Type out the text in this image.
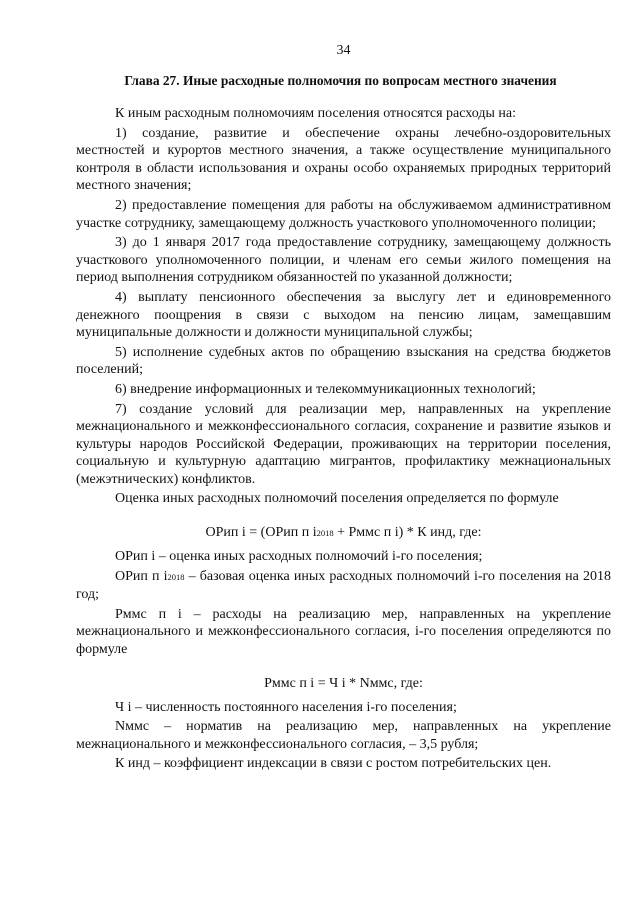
34
Глава 27. Иные расходные полномочия по вопросам местного значения

К иным расходным полномочиям поселения относятся расходы на:

1) создание, развитие и обеспечение охраны лечебно-оздоровительных местностей и курортов местного значения, а также осуществление муниципального контроля в области использования и охраны особо охраняемых природных территорий местного значения;

2) предоставление помещения для работы на обслуживаемом административном участке сотруднику, замещающему должность участкового уполномоченного полиции;

3) до 1 января 2017 года предоставление сотруднику, замещающему должность участкового уполномоченного полиции, и членам его семьи жилого помещения на период выполнения сотрудником обязанностей по указанной должности;

4) выплату пенсионного обеспечения за выслугу лет и единовременного денежного поощрения в связи с выходом на пенсию лицам, замещавшим муниципальные должности и должности муниципальной службы;

5) исполнение судебных актов по обращению взыскания на средства бюджетов поселений;

6) внедрение информационных и телекоммуникационных технологий;

7) создание условий для реализации мер, направленных на укрепление межнационального и межконфессионального согласия, сохранение и развитие языков и культуры народов Российской Федерации, проживающих на территории поселения, социальную и культурную адаптацию мигрантов, профилактику межнациональных (межэтнических) конфликтов.

Оценка иных расходных полномочий поселения определяется по формуле

ОРип i = (ОРип п i2018 + Рммс п i) * К инд, где:

ОРип i – оценка иных расходных полномочий i-го поселения;

ОРип п i2018 – базовая оценка иных расходных полномочий i-го поселения на 2018 год;

Рммс п i – расходы на реализацию мер, направленных на укрепление межнационального и межконфессионального согласия, i-го поселения определяются по формуле

Рммс п i = Ч i * Nммс, где:

Ч i – численность постоянного населения i-го поселения;

Nммс – норматив на реализацию мер, направленных на укрепление межнационального и межконфессионального согласия, – 3,5 рубля;

К инд – коэффициент индексации в связи с ростом потребительских цен.
